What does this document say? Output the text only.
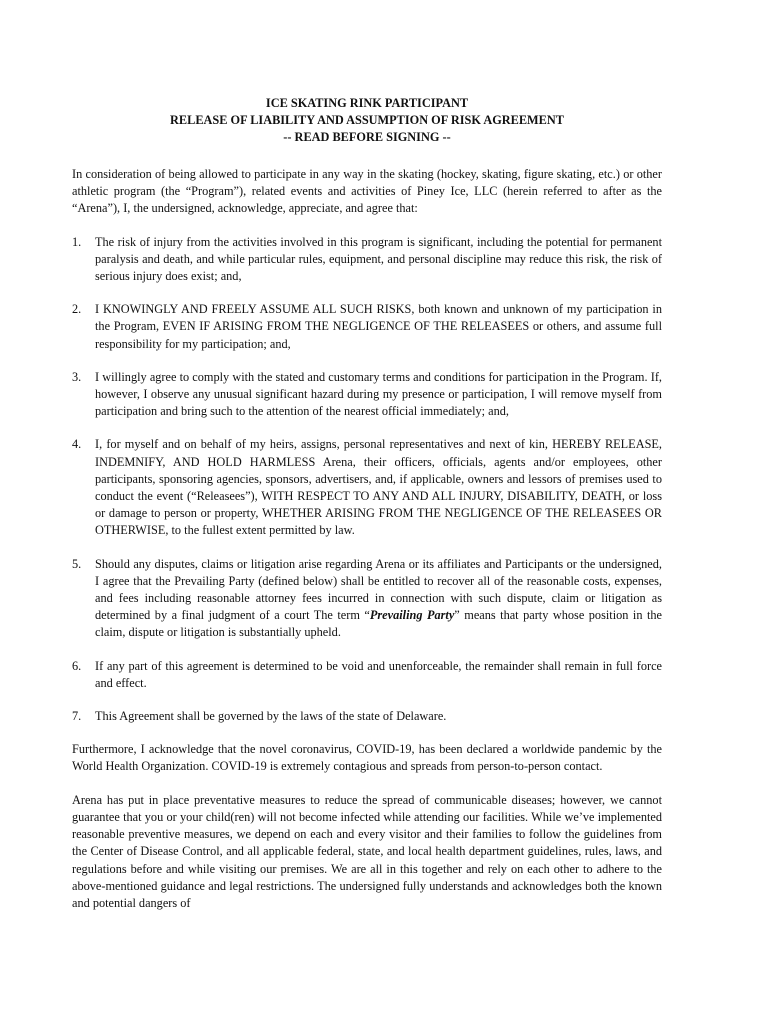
ICE SKATING RINK PARTICIPANT
RELEASE OF LIABILITY AND ASSUMPTION OF RISK AGREEMENT
-- READ BEFORE SIGNING --

In consideration of being allowed to participate in any way in the skating (hockey, skating, figure skating, etc.) or other athletic program (the “Program”), related events and activities of Piney Ice, LLC (herein referred to after as the “Arena”), I, the undersigned, acknowledge, appreciate, and agree that:

1. The risk of injury from the activities involved in this program is significant, including the potential for permanent paralysis and death, and while particular rules, equipment, and personal discipline may reduce this risk, the risk of serious injury does exist; and,
2. I KNOWINGLY AND FREELY ASSUME ALL SUCH RISKS, both known and unknown of my participation in the Program, EVEN IF ARISING FROM THE NEGLIGENCE OF THE RELEASEES or others, and assume full responsibility for my participation; and,
3. I willingly agree to comply with the stated and customary terms and conditions for participation in the Program. If, however, I observe any unusual significant hazard during my presence or participation, I will remove myself from participation and bring such to the attention of the nearest official immediately; and,
4. I, for myself and on behalf of my heirs, assigns, personal representatives and next of kin, HEREBY RELEASE, INDEMNIFY, AND HOLD HARMLESS Arena, their officers, officials, agents and/or employees, other participants, sponsoring agencies, sponsors, advertisers, and, if applicable, owners and lessors of premises used to conduct the event (“Releasees”), WITH RESPECT TO ANY AND ALL INJURY, DISABILITY, DEATH, or loss or damage to person or property, WHETHER ARISING FROM THE NEGLIGENCE OF THE RELEASEES OR OTHERWISE, to the fullest extent permitted by law.
5. Should any disputes, claims or litigation arise regarding Arena or its affiliates and Participants or the undersigned, I agree that the Prevailing Party (defined below) shall be entitled to recover all of the reasonable costs, expenses, and fees including reasonable attorney fees incurred in connection with such dispute, claim or litigation as determined by a final judgment of a court The term “Prevailing Party” means that party whose position in the claim, dispute or litigation is substantially upheld.
6. If any part of this agreement is determined to be void and unenforceable, the remainder shall remain in full force and effect.
7. This Agreement shall be governed by the laws of the state of Delaware.

Furthermore, I acknowledge that the novel coronavirus, COVID-19, has been declared a worldwide pandemic by the World Health Organization. COVID-19 is extremely contagious and spreads from person-to-person contact.

Arena has put in place preventative measures to reduce the spread of communicable diseases; however, we cannot guarantee that you or your child(ren) will not become infected while attending our facilities. While we’ve implemented reasonable preventive measures, we depend on each and every visitor and their families to follow the guidelines from the Center of Disease Control, and all applicable federal, state, and local health department guidelines, rules, laws, and regulations before and while visiting our premises. We are all in this together and rely on each other to adhere to the above-mentioned guidance and legal restrictions. The undersigned fully understands and acknowledges both the known and potential dangers of
